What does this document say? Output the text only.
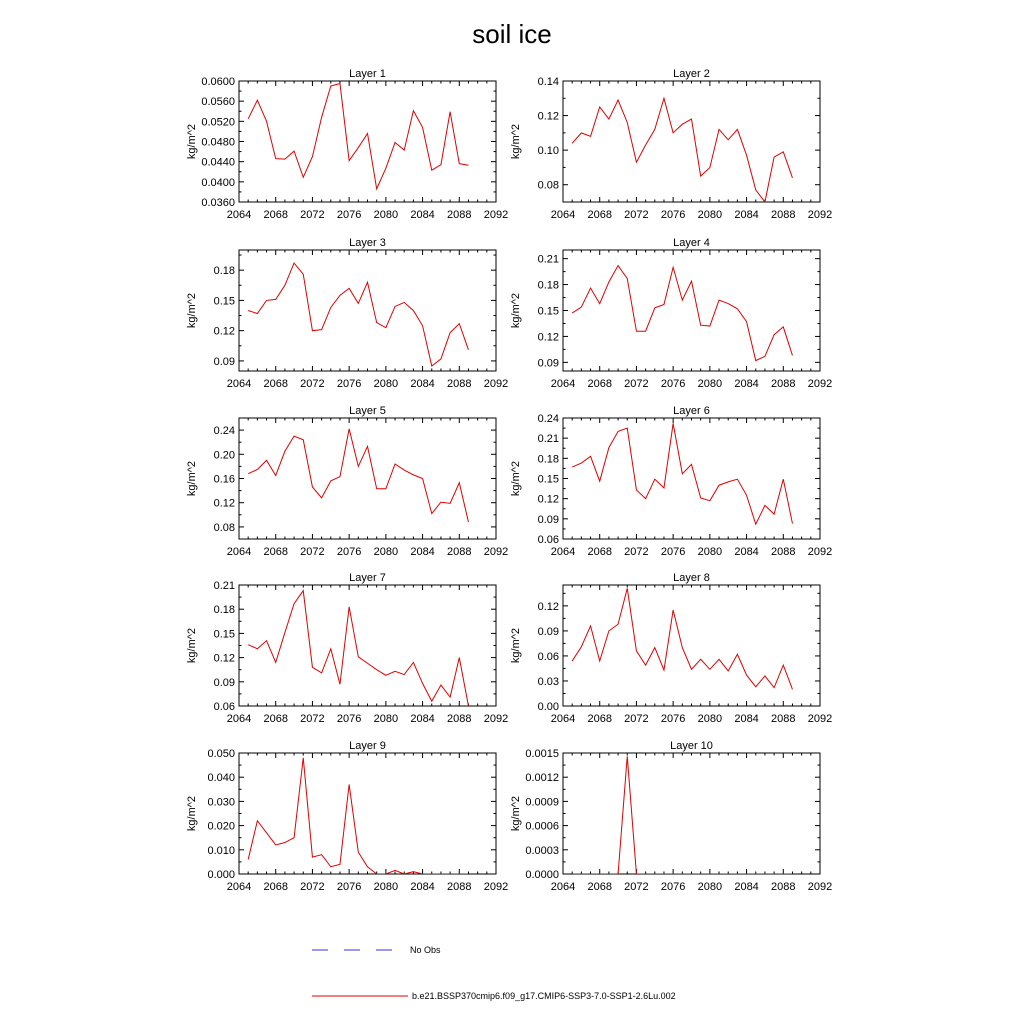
soil ice
Layer 1
kg/m^2
2064 2068 2072 2076 2080 2084 2088 2092
0.0360
0.0400
0.0440
0.0480
0.0520
0.0560
0.0600
Layer 2
kg/m^2
2064 2068 2072 2076 2080 2084 2088 2092
0.08
0.10
0.12
0.14
Layer 3
kg/m^2
2064 2068 2072 2076 2080 2084 2088 2092
0.09
0.12
0.15
0.18
Layer 4
kg/m^2
2064 2068 2072 2076 2080 2084 2088 2092
0.09
0.12
0.15
0.18
0.21
Layer 5
kg/m^2
2064 2068 2072 2076 2080 2084 2088 2092
0.08
0.12
0.16
0.20
0.24
Layer 6
kg/m^2
2064 2068 2072 2076 2080 2084 2088 2092
0.06
0.09
0.12
0.15
0.18
0.21
0.24
Layer 7
kg/m^2
2064 2068 2072 2076 2080 2084 2088 2092
0.06
0.09
0.12
0.15
0.18
0.21
Layer 8
kg/m^2
2064 2068 2072 2076 2080 2084 2088 2092
0.00
0.03
0.06
0.09
0.12
Layer 9
kg/m^2
2064 2068 2072 2076 2080 2084 2088 2092
0.000
0.010
0.020
0.030
0.040
0.050
Layer 10
kg/m^2
2064 2068 2072 2076 2080 2084 2088 2092
0.0000
0.0003
0.0006
0.0009
0.0012
0.0015
No Obs
b.e21.BSSP370cmip6.f09_g17.CMIP6-SSP3-7.0-SSP1-2.6Lu.002
